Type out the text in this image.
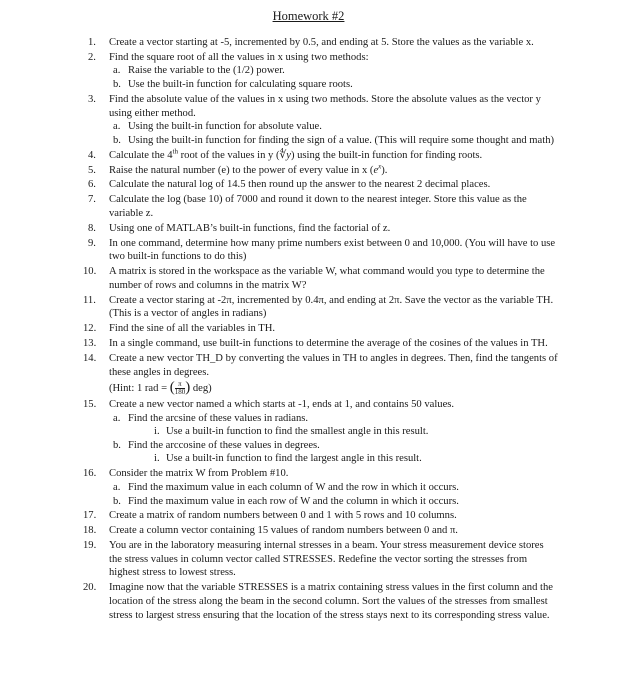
Homework #2
1. Create a vector starting at -5, incremented by 0.5, and ending at 5. Store the values as the variable x.
2. Find the square root of all the values in x using two methods:
a. Raise the variable to the (1/2) power.
b. Use the built-in function for calculating square roots.
3. Find the absolute value of the values in x using two methods. Store the absolute values as the vector y using either method.
a. Using the built-in function for absolute value.
b. Using the built-in function for finding the sign of a value. (This will require some thought and math)
4. Calculate the 4th root of the values in y (∜y) using the built-in function for finding roots.
5. Raise the natural number (e) to the power of every value in x $(e^x)$.
6. Calculate the natural log of 14.5 then round up the answer to the nearest 2 decimal places.
7. Calculate the log (base 10) of 7000 and round it down to the nearest integer. Store this value as the variable z.
8. Using one of MATLAB’s built-in functions, find the factorial of z.
9. In one command, determine how many prime numbers exist between 0 and 10,000. (You will have to use two built-in functions to do this)
10. A matrix is stored in the workspace as the variable W, what command would you type to determine the number of rows and columns in the matrix W?
11. Create a vector staring at -2π, incremented by 0.4π, and ending at 2π. Save the vector as the variable TH. (This is a vector of angles in radians)
12. Find the sine of all the variables in TH.
13. In a single command, use built-in functions to determine the average of the cosines of the values in TH.
14. Create a new vector TH_D by converting the values in TH to angles in degrees. Then, find the tangents of these angles in degrees.
(Hint: 1 rad = ( $\frac{\pi}{180}$ ) deg)
15. Create a new vector named a which starts at -1, ends at 1, and contains 50 values.
a. Find the arcsine of these values in radians.
i. Use a built-in function to find the smallest angle in this result.
b. Find the arccosine of these values in degrees.
i. Use a built-in function to find the largest angle in this result.
16. Consider the matrix W from Problem #10.
a. Find the maximum value in each column of W and the row in which it occurs.
b. Find the maximum value in each row of W and the column in which it occurs.
17. Create a matrix of random numbers between 0 and 1 with 5 rows and 10 columns.
18. Create a column vector containing 15 values of random numbers between 0 and π.
19. You are in the laboratory measuring internal stresses in a beam. Your stress measurement device stores the stress values in column vector called STRESSES. Redefine the vector sorting the stresses from highest stress to lowest stress.
20. Imagine now that the variable STRESSES is a matrix containing stress values in the first column and the location of the stress along the beam in the second column. Sort the values of the stresses from smallest stress to largest stress ensuring that the location of the stress stays next to its corresponding stress value.
